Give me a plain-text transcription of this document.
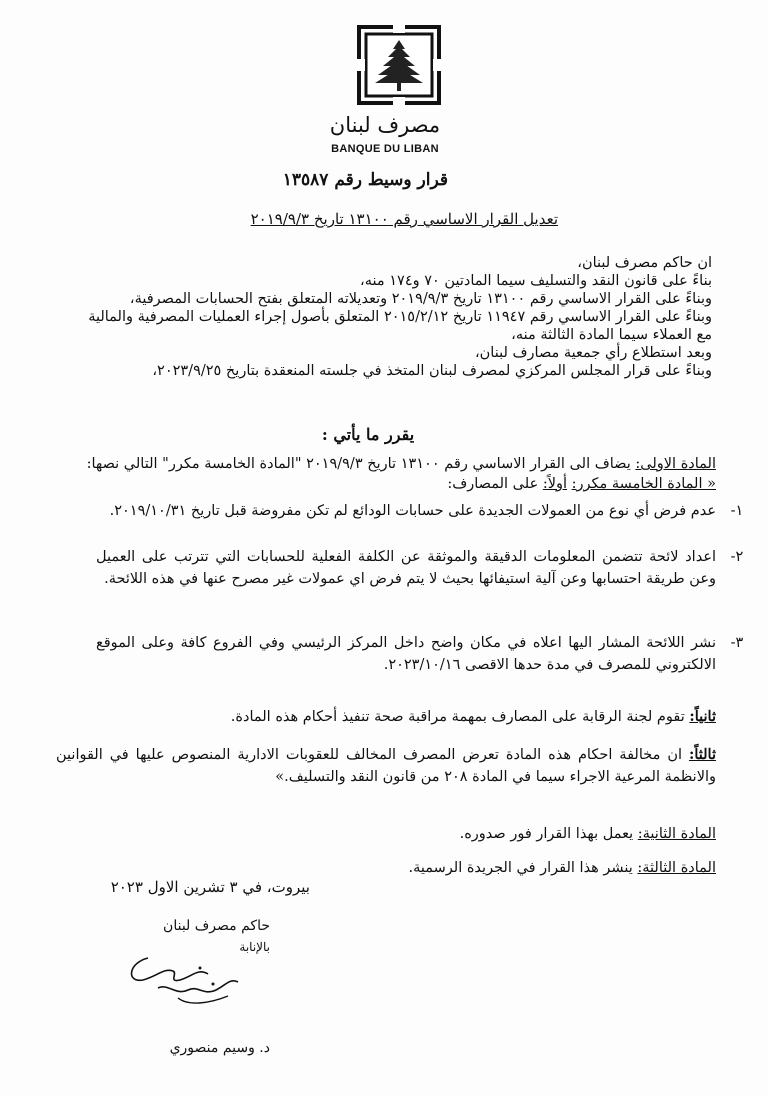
مصرف لبنان
BANQUE DU LIBAN
قرار وسيط رقم ١٣٥٨٧
تعديل القرار الاساسي رقم ١٣١٠٠ تاريخ ٢٠١٩/٩/٣
ان حاكم مصرف لبنان،
بناءً على قانون النقد والتسليف سيما المادتين ٧٠ و١٧٤ منه،
وبناءً على القرار الاساسي رقم ١٣١٠٠ تاريخ ٢٠١٩/٩/٣ وتعديلاته المتعلق بفتح الحسابات المصرفية،
وبناءً على القرار الاساسي رقم ١١٩٤٧ تاريخ ٢٠١٥/٢/١٢ المتعلق بأصول إجراء العمليات المصرفية والمالية
مع العملاء سيما المادة الثالثة منه،
وبعد استطلاع رأي جمعية مصارف لبنان،
وبناءً على قرار المجلس المركزي لمصرف لبنان المتخذ في جلسته المنعقدة بتاريخ ٢٠٢٣/٩/٢٥،
يقرر ما يأتي :
المادة الاولى: يضاف الى القرار الاساسي رقم ١٣١٠٠ تاريخ ٢٠١٩/٩/٣ "المادة الخامسة مكرر" التالي نصها:
« المادة الخامسة مكرر: أولاً: على المصارف:
١-
عدم فرض أي نوع من العمولات الجديدة على حسابات الودائع لم تكن مفروضة قبل تاريخ ٢٠١٩/١٠/٣١.
٢-
اعداد لائحة تتضمن المعلومات الدقيقة والموثقة عن الكلفة الفعلية للحسابات التي تترتب على العميل وعن طريقة احتسابها وعن آلية استيفائها بحيث لا يتم فرض اي عمولات غير مصرح عنها في هذه اللائحة.
٣-
نشر اللائحة المشار اليها اعلاه في مكان واضح داخل المركز الرئيسي وفي الفروع كافة وعلى الموقع الالكتروني للمصرف في مدة حدها الاقصى ٢٠٢٣/١٠/١٦.
ثانياً: تقوم لجنة الرقابة على المصارف بمهمة مراقبة صحة تنفيذ أحكام هذه المادة.
ثالثاً: ان مخالفة احكام هذه المادة تعرض المصرف المخالف للعقوبات الادارية المنصوص عليها في القوانين والانظمة المرعية الاجراء سيما في المادة ٢٠٨ من قانون النقد والتسليف.»
المادة الثانية: يعمل بهذا القرار فور صدوره.
المادة الثالثة: ينشر هذا القرار في الجريدة الرسمية.
بيروت، في ٣ تشرين الاول ٢٠٢٣
حاكم مصرف لبنان
بالإنابة
د. وسيم منصوري
